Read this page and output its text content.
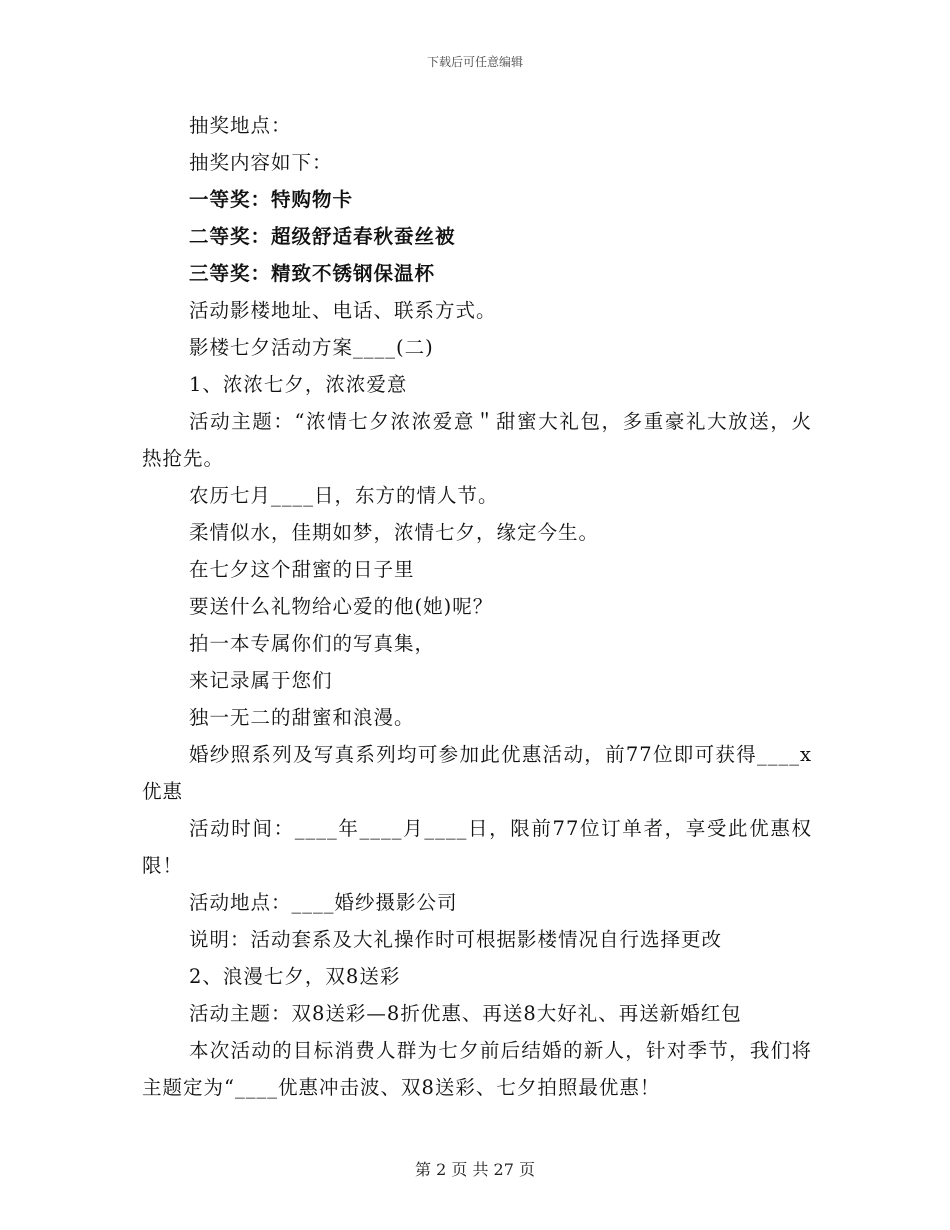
下载后可任意编辑

抽奖地点：

抽奖内容如下：

一等奖：特购物卡

二等奖：超级舒适春秋蚕丝被

三等奖：精致不锈钢保温杯

活动影楼地址、电话、联系方式。

影楼七夕活动方案____(二)

1、浓浓七夕，浓浓爱意

活动主题：“浓情七夕浓浓爱意＂甜蜜大礼包，多重豪礼大放送，火热抢先。

农历七月____日，东方的情人节。

柔情似水，佳期如梦，浓情七夕，缘定今生。

在七夕这个甜蜜的日子里

要送什么礼物给心爱的他(她)呢？

拍一本专属你们的写真集，

来记录属于您们

独一无二的甜蜜和浪漫。

婚纱照系列及写真系列均可参加此优惠活动，前77位即可获得____x优惠

活动时间：____年____月____日，限前77位订单者，享受此优惠权限！

活动地点：____婚纱摄影公司

说明：活动套系及大礼操作时可根据影楼情况自行选择更改

2、浪漫七夕，双8送彩

活动主题：双8送彩—8折优惠、再送8大好礼、再送新婚红包

本次活动的目标消费人群为七夕前后结婚的新人，针对季节，我们将主题定为“____优惠冲击波、双8送彩、七夕拍照最优惠！

第 2 页 共 27 页
